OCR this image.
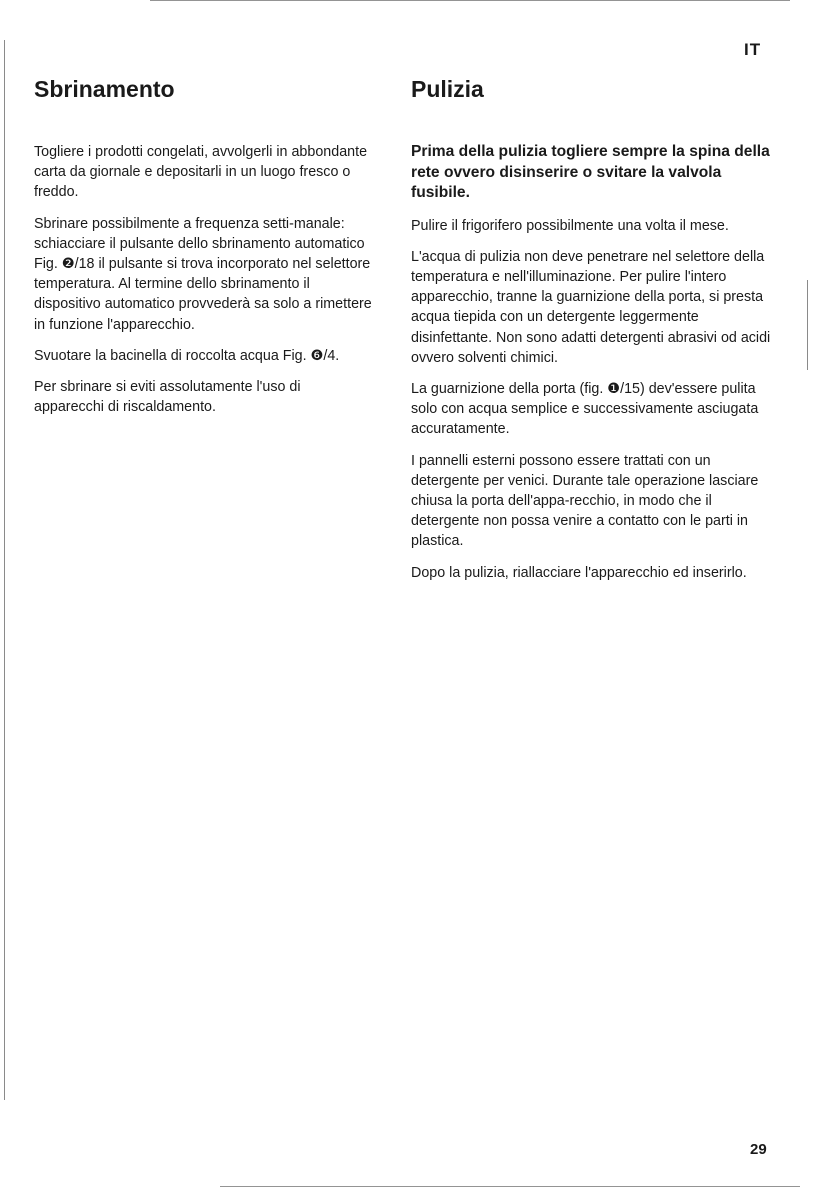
IT
Sbrinamento

Togliere i prodotti congelati, avvolgerli in abbondante carta da giornale e depositarli in un luogo fresco o freddo.

Sbrinare possibilmente a frequenza setti-manale: schiacciare il pulsante dello sbrinamento automatico Fig. ❷/18 il pulsante si trova incorporato nel selettore temperatura. Al termine dello sbrinamento il dispositivo automatico provvederà sa solo a rimettere in funzione l'apparecchio.

Svuotare la bacinella di roccolta acqua Fig. ❻/4.

Per sbrinare si eviti assolutamente l'uso di apparecchi di riscaldamento.

Pulizia

Prima della pulizia togliere sempre la spina della rete ovvero disinserire o svitare la valvola fusibile.

Pulire il frigorifero possibilmente una volta il mese.

L'acqua di pulizia non deve penetrare nel selettore della temperatura e nell'illuminazione. Per pulire l'intero apparecchio, tranne la guarnizione della porta, si presta acqua tiepida con un detergente leggermente disinfettante. Non sono adatti detergenti abrasivi od acidi ovvero solventi chimici.

La guarnizione della porta (fig. ❶/15) dev'essere pulita solo con acqua semplice e successivamente asciugata accuratamente.

I pannelli esterni possono essere trattati con un detergente per venici. Durante tale operazione lasciare chiusa la porta dell'appa-recchio, in modo che il detergente non possa venire a contatto con le parti in plastica.

Dopo la pulizia, riallacciare l'apparecchio ed inserirlo.

29
